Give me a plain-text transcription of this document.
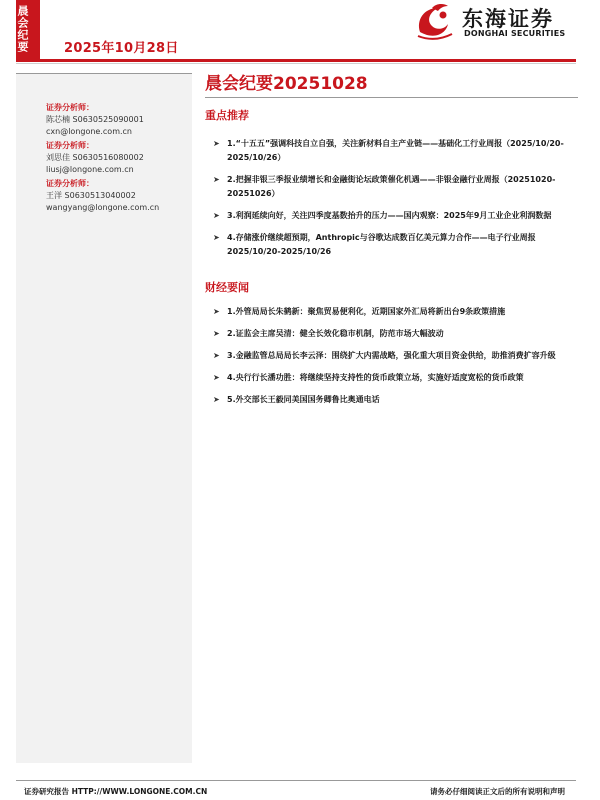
晨会纪要	2025年10月28日
东海证券
DONGHAI SECURITIES
证券分析师：
陈芯楠 S0630525090001
cxn@longone.com.cn
证券分析师：
刘思佳 S0630516080002
liusj@longone.com.cn
证券分析师：
王洋 S0630513040002
wangyang@longone.com.cn
晨会纪要20251028
重点推荐
➤ 1.“十五五”强调科技自立自强，关注新材料自主产业链——基础化工行业周报（2025/10/20-2025/10/26）
➤ 2.把握非银三季报业绩增长和金融街论坛政策催化机遇——非银金融行业周报（20251020-20251026）
➤ 3.利润延续向好，关注四季度基数抬升的压力——国内观察：2025年9月工业企业利润数据
➤ 4.存储涨价继续超预期，Anthropic与谷歌达成数百亿美元算力合作——电子行业周报2025/10/20-2025/10/26
财经要闻
➤ 1.外管局局长朱鹤新：聚焦贸易便利化，近期国家外汇局将新出台9条政策措施
➤ 2.证监会主席吴清：健全长效化稳市机制，防范市场大幅波动
➤ 3.金融监管总局局长李云泽：围绕扩大内需战略，强化重大项目资金供给，助推消费扩容升级
➤ 4.央行行长潘功胜：将继续坚持支持性的货币政策立场，实施好适度宽松的货币政策
➤ 5.外交部长王毅同美国国务卿鲁比奥通电话
证券研究报告 HTTP://WWW.LONGONE.COM.CN	请务必仔细阅读正文后的所有说明和声明
